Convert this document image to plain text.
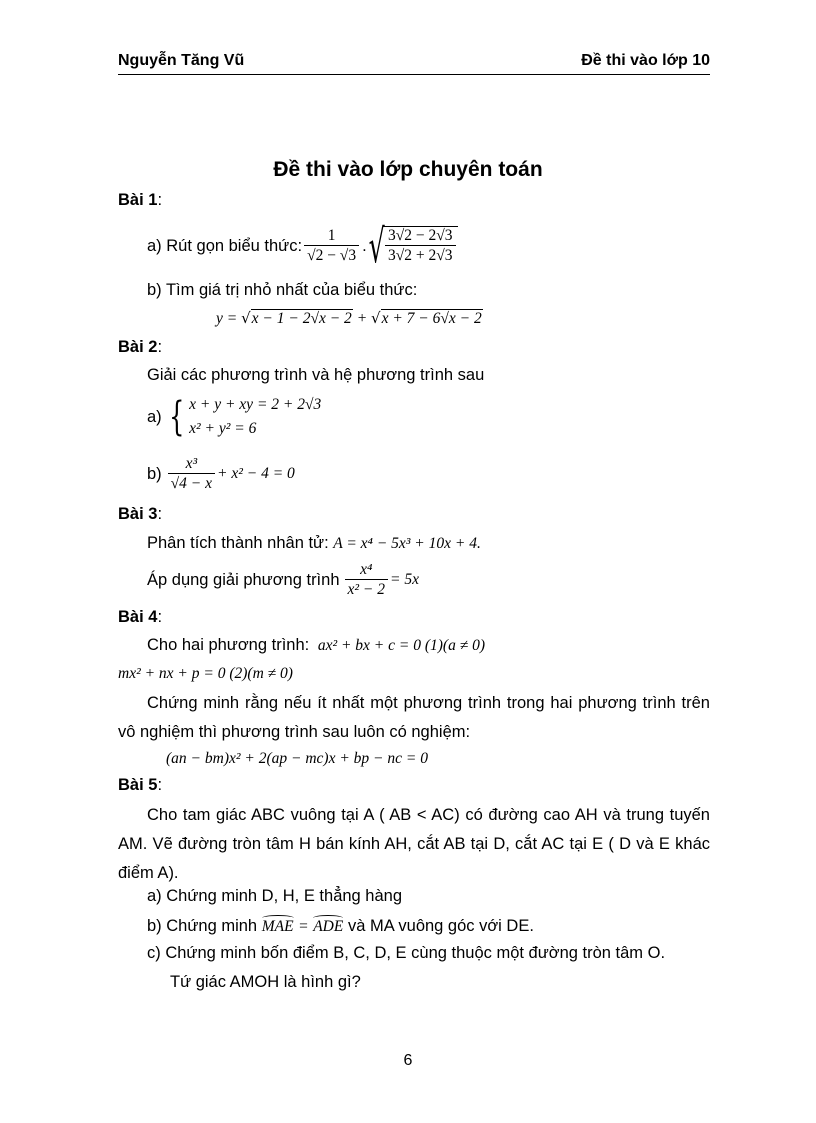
Nguyễn Tăng Vũ	Đề thi vào lớp 10
Đề thi vào lớp chuyên toán
Bài 1:
a) Rút gọn biểu thức: $\frac{1}{√2 - √3}$ . √ $\frac{3√2 - 2√3}{3√2 + 2√3}$
b) Tìm giá trị nhỏ nhất của biểu thức:
y = √x − 1 − 2√x − 2 + √x + 7 − 6√x − 2
Bài 2:
Giải các phương trình và hệ phương trình sau
a) { x + y + xy = 2 + 2√3
x² + y² = 6
$b) \frac{\text{x³}}{√4 - x} + x^2 - 4 = 0$
Bài 3:
Phân tích thành nhân tử: A = x⁴ − 5x³ + 10x + 4.
Áp dụng giải phương trình $\frac{\text{x⁴}}{\text{x² − 2}} = 5x$
Bài 4:
Cho hai phương trình: ax² + bx + c = 0 (1)(a ≠ 0)
mx² + nx + p = 0 (2)(m ≠ 0)
Chứng minh rằng nếu ít nhất một phương trình trong hai phương trình trên vô nghiệm thì phương trình sau luôn có nghiệm:
(an − bm)x² + 2(ap − mc)x + bp − nc = 0
Bài 5:
Cho tam giác ABC vuông tại A ( AB < AC) có đường cao AH và trung tuyến AM. Vẽ đường tròn tâm H bán kính AH, cắt AB tại D, cắt AC tại E ( D và E khác điểm A).
a) Chứng minh D, H, E thẳng hàng
b) Chứng minh MAE = ADE và MA vuông góc với DE.
c) Chứng minh bốn điểm B, C, D, E cùng thuộc một đường tròn tâm O.
Tứ giác AMOH là hình gì?
6
